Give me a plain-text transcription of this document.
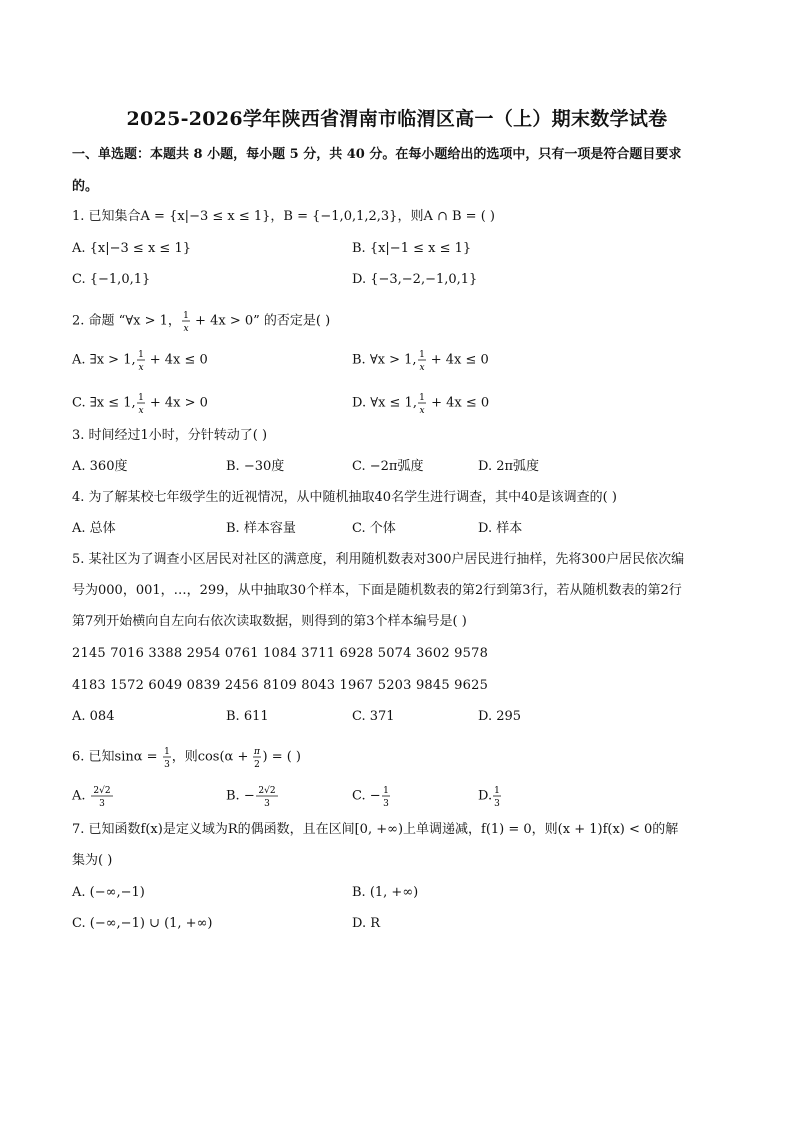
2025-2026学年陕西省渭南市临渭区高一（上）期末数学试卷
一、单选题：本题共 8 小题，每小题 5 分，共 40 分。在每小题给出的选项中，只有一项是符合题目要求
的。
1. 已知集合A = {x|−3 ≤ x ≤ 1}，B = {−1,0,1,2,3}，则A ∩ B = ( )
A. {x|−3 ≤ x ≤ 1}	B. {x|−1 ≤ x ≤ 1}
C. {−1,0,1}	D. {−3,−2,−1,0,1}
2. 命题 “∀x > 1， 1
x
+ 4x > 0” 的否定是( )
A. ∃x > 1, 1
x
+ 4x ≤ 0	B. ∀x > 1, 1
x
+ 4x ≤ 0
C. ∃x ≤ 1, 1
x
+ 4x > 0	D. ∀x ≤ 1, 1
x
+ 4x ≤ 0
3. 时间经过1小时，分针转动了( )
A. 360度	B. −30度	C. −2π弧度	D. 2π弧度
4. 为了解某校七年级学生的近视情况，从中随机抽取40名学生进行调查，其中40是该调查的( )
A. 总体	B. 样本容量	C. 个体	D. 样本
5. 某社区为了调查小区居民对社区的满意度，利用随机数表对300户居民进行抽样，先将300户居民依次编
号为000，001，…，299，从中抽取30个样本，下面是随机数表的第2行到第3行，若从随机数表的第2行
第7列开始横向自左向右依次读取数据，则得到的第3个样本编号是( )
2145 7016 3388 2954 0761 1084 3711 6928 5074 3602 9578
4183 1572 6049 0839 2456 8109 8043 1967 5203 9845 9625
A. 084	B. 611	C. 371	D. 295
6. 已知sinα = 1
3
，则cos(α + π
2
) = ( )
A. 2√2
3
B. − 2√2
3
C. − 1
3
D. 1
3
7. 已知函数f(x)是定义域为R的偶函数，且在区间[0, +∞)上单调递减，f(1) = 0，则(x + 1)f(x) < 0的解
集为( )
A. (−∞,−1)	B. (1, +∞)
C. (−∞,−1) ∪ (1, +∞)	D. R
